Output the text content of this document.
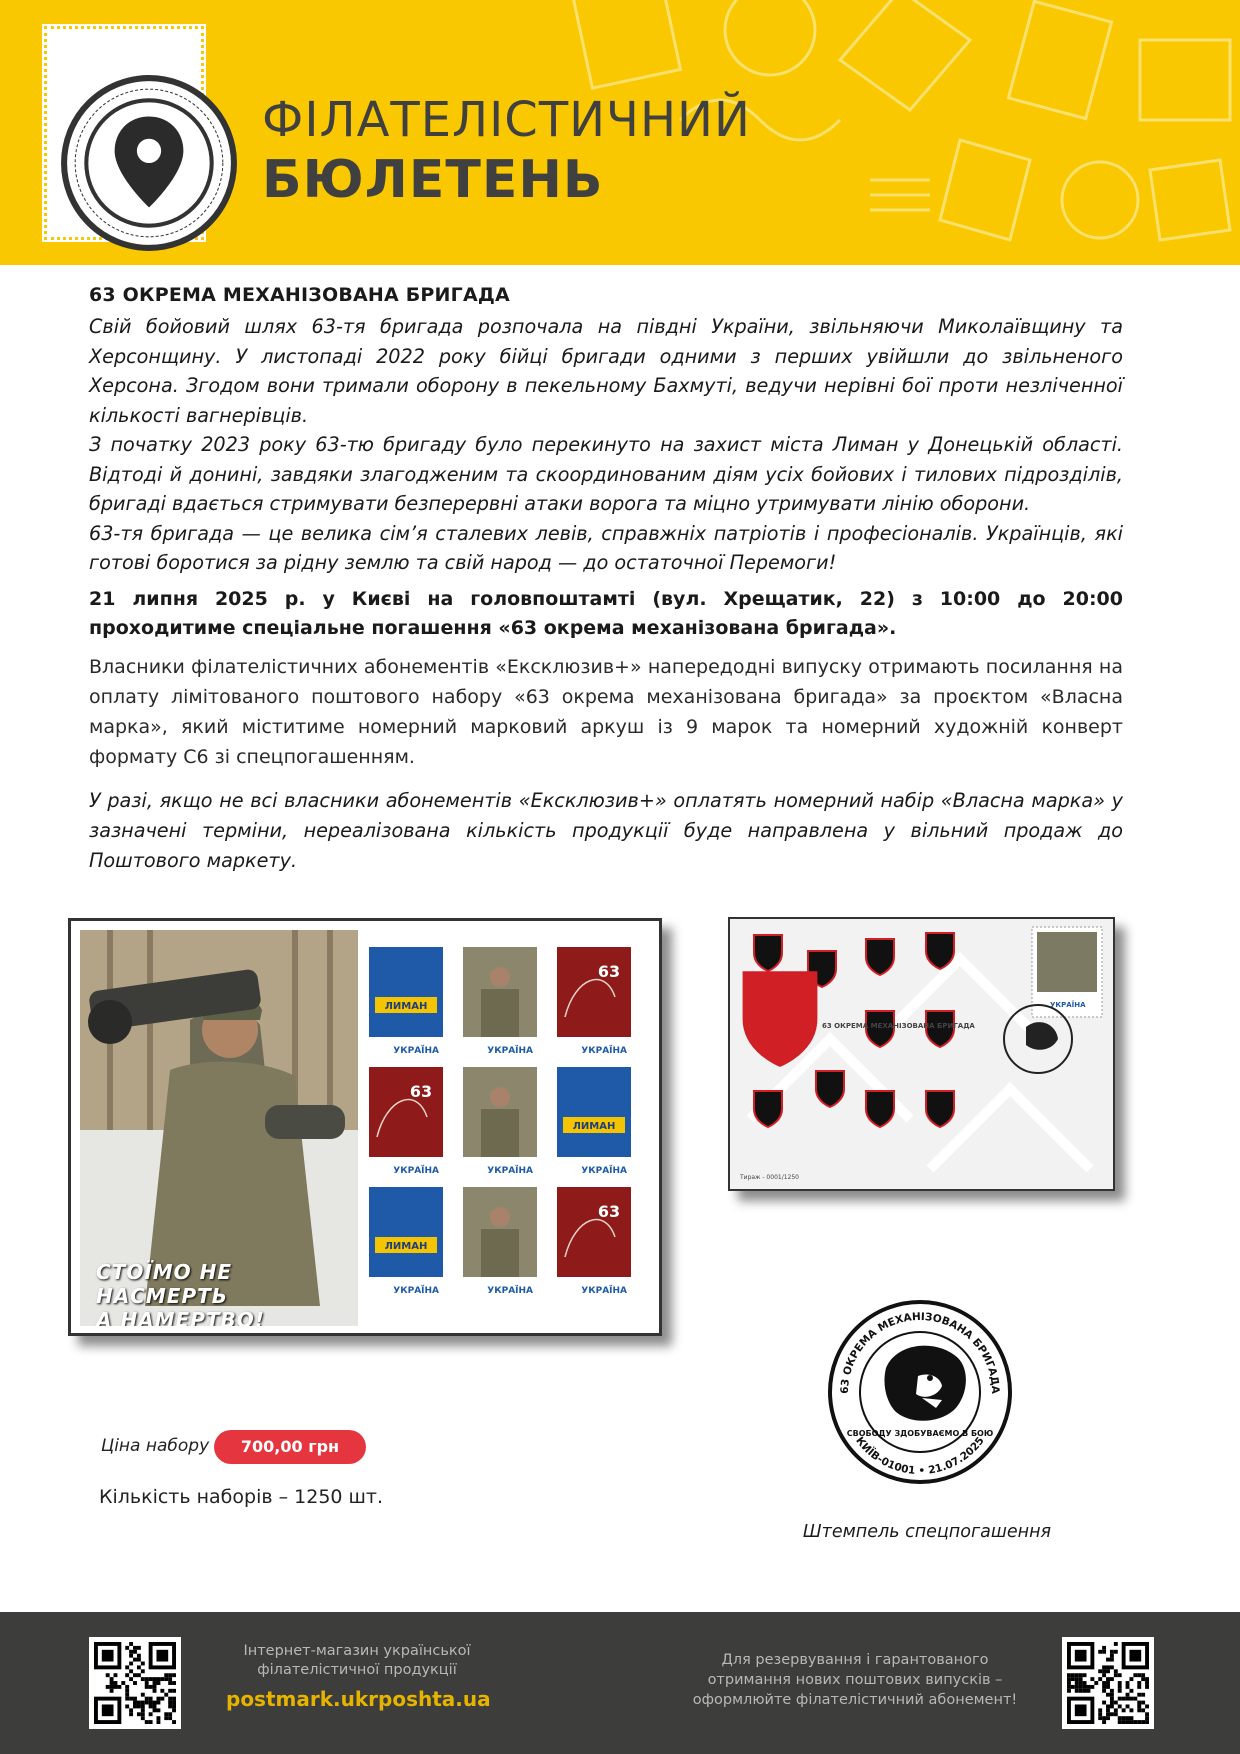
ФІЛАТЕЛІСТИЧНИЙ
БЮЛЕТЕНЬ
63 ОКРЕМА МЕХАНІЗОВАНА БРИГАДА

Свій бойовий шлях 63-тя бригада розпочала на півдні України, звільняючи Миколаївщину та Херсонщину. У листопаді 2022 року бійці бригади одними з перших увійшли до звільненого Херсона. Згодом вони тримали оборону в пекельному Бахмуті, ведучи нерівні бої проти незліченної кількості вагнерівців.

З початку 2023 року 63-тю бригаду було перекинуто на захист міста Лиман у Донецькій області. Відтоді й донині, завдяки злагодженим та скоординованим діям усіх бойових і тилових підрозділів, бригаді вдається стримувати безперервні атаки ворога та міцно утримувати лінію оборони.

63-тя бригада — це велика сім’я сталевих левів, справжніх патріотів і професіоналів. Українців, які готові боротися за рідну землю та свій народ — до остаточної Перемоги!

21 липня 2025 р. у Києві на головпоштамті (вул. Хрещатик, 22) з 10:00 до 20:00 проходитиме спеціальне погашення «63 окрема механізована бригада».
Власники філателістичних абонементів «Ексклюзив+» напередодні випуску отримають посилання на оплату лімітованого поштового набору «63 окрема механізована бригада» за проєктом «Власна марка», який міститиме номерний марковий аркуш із 9 марок та номерний художній конверт формату С6 зі спецпогашенням.
У разі, якщо не всі власники абонементів «Ексклюзив+» оплатять номерний набір «Власна марка» у зазначені терміни, нереалізована кількість продукції буде направлена у вільний продаж до Поштового маркету.
СТОЇМО НЕ НАСМЕРТЬ
А НАМЕРТВО!
ЛИМАН
УКРАЇНА	УКРАЇНА
63
УКРАЇНА
63
УКРАЇНА	УКРАЇНА
ЛИМАН
УКРАЇНА
ЛИМАН
УКРАЇНА	УКРАЇНА
63
УКРАЇНА
УКРАЇНА
63 ОКРЕМА МЕХАНІЗОВАНА БРИГАДА
Тираж - 0001/1250
63 ОКРЕМА МЕХАНІЗОВАНА БРИГАДА
КИЇВ-01001 • 21.07.2025
СВОБОДУ ЗДОБУВАЄМО В БОЮ
Штемпель спецпогашення
Ціна набору	700,00 грн
Кількість наборів – 1250 шт.
Інтернет-магазин української філателістичної продукції
postmark.ukrposhta.ua
Для резервування і гарантованого отримання нових поштових випусків – оформлюйте філателістичний абонемент!
